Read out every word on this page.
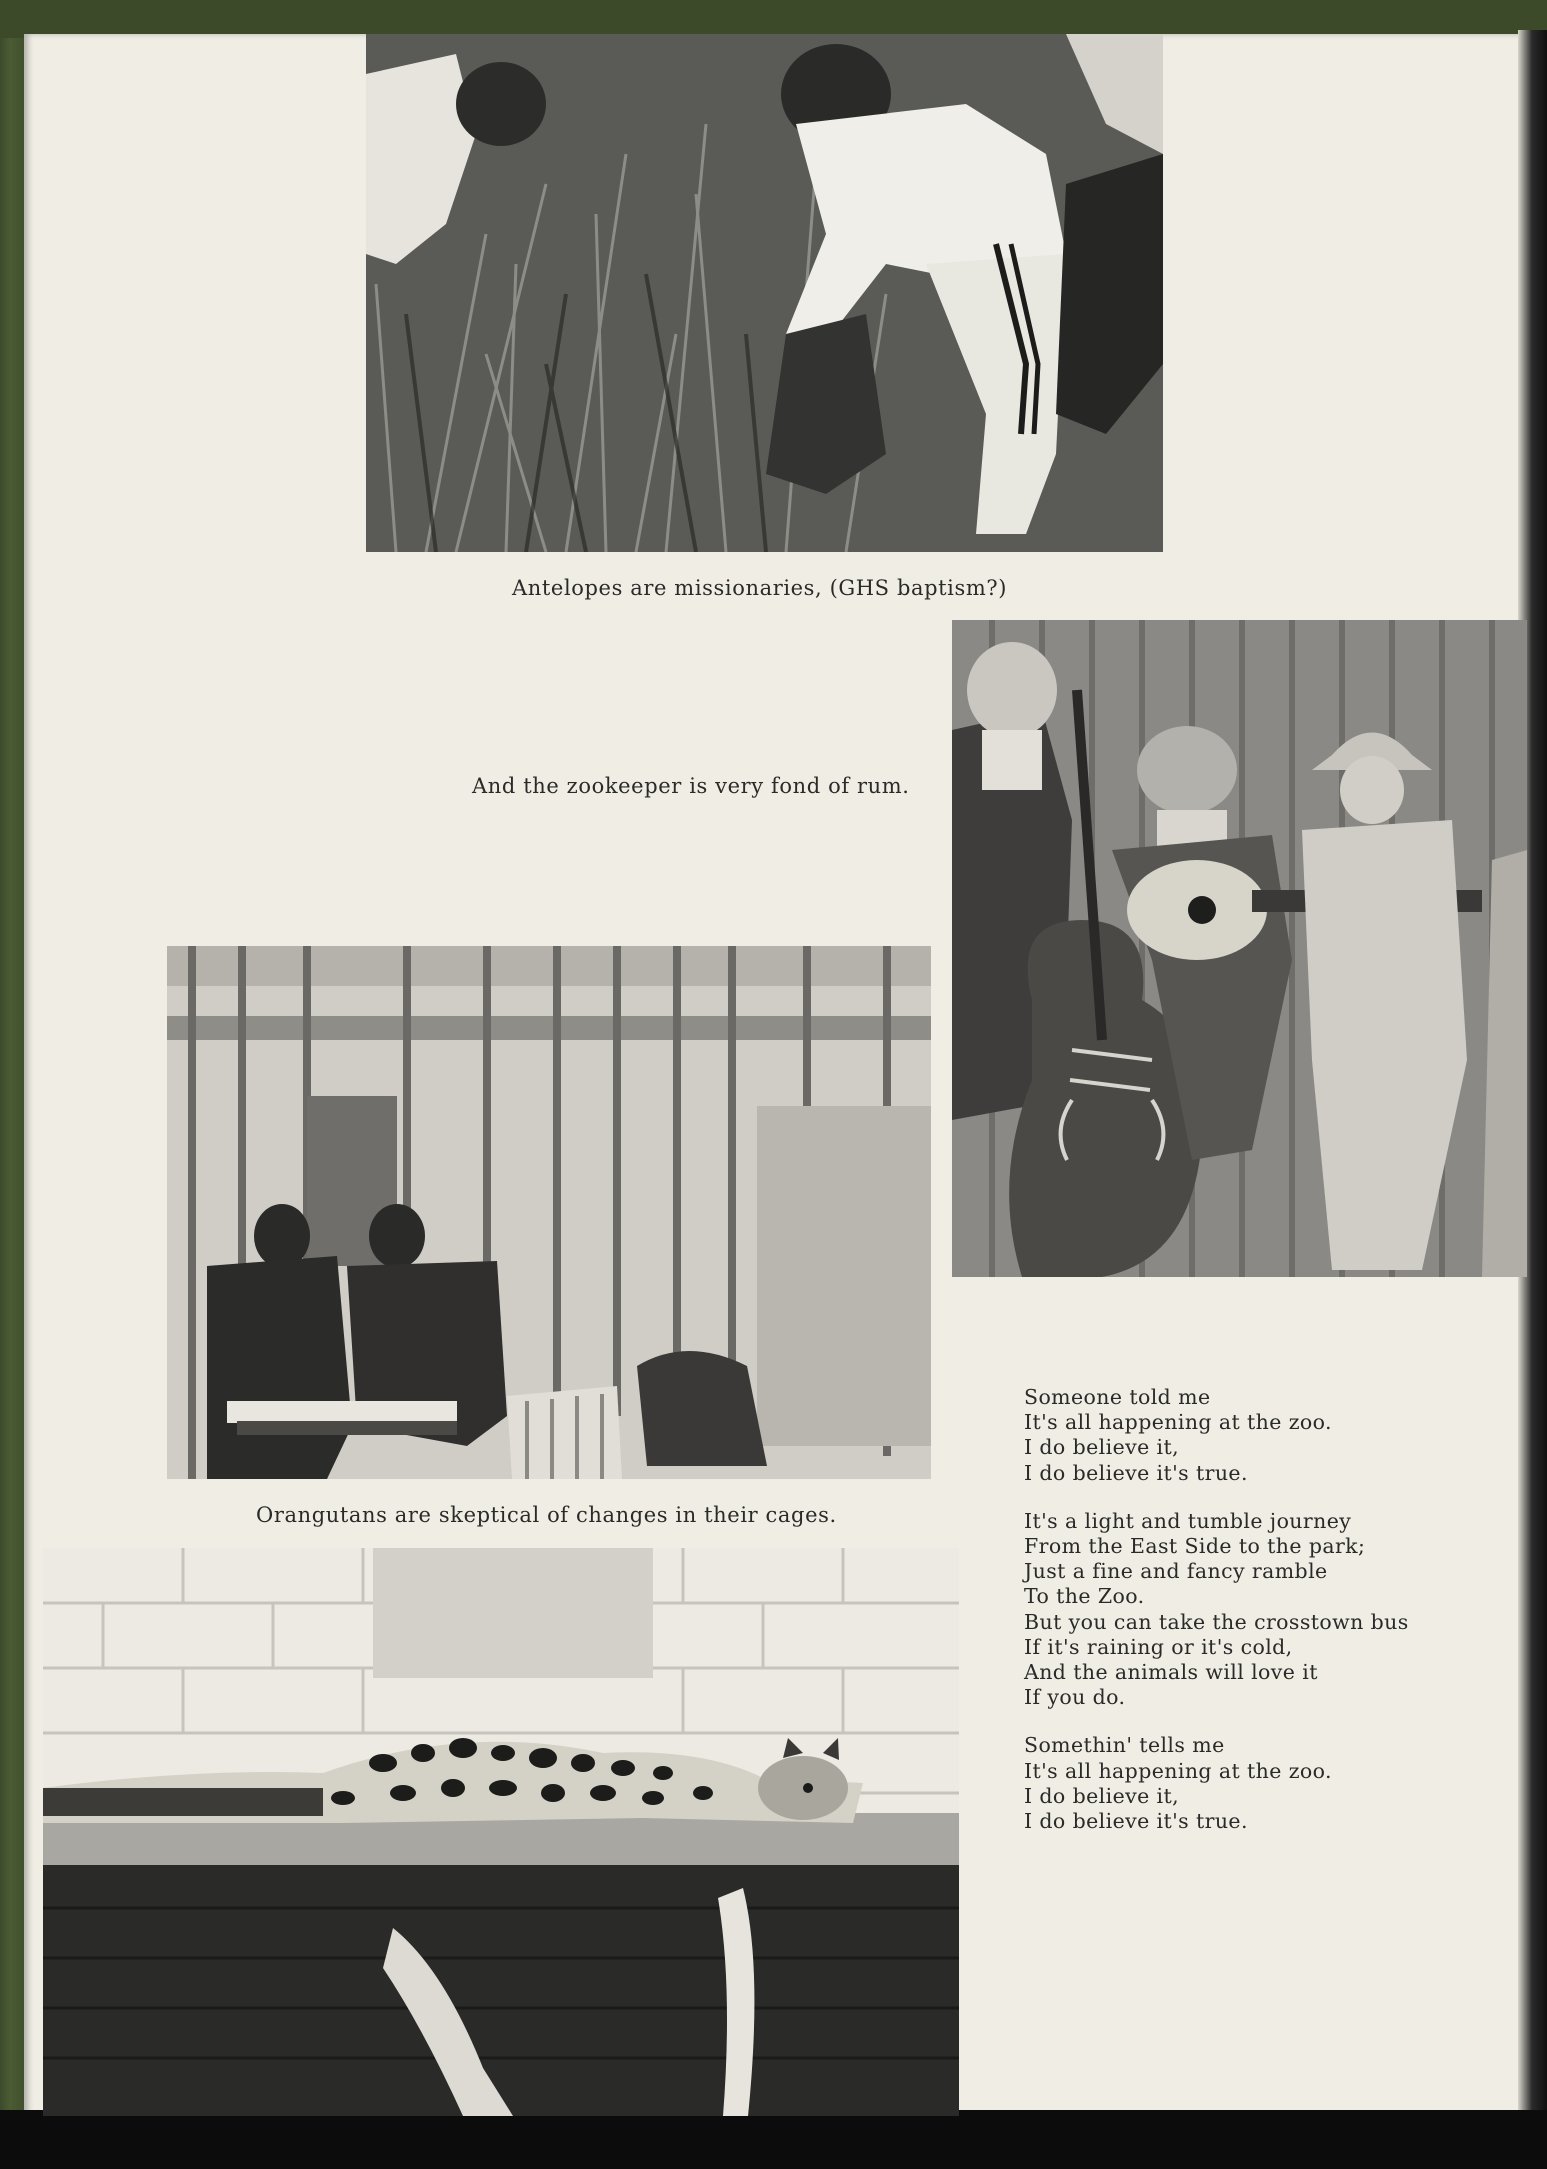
Antelopes are missionaries, (GHS baptism?)
And the zookeeper is very fond of rum.
Orangutans are skeptical of changes in their cages.
Someone told me
It's all happening at the zoo.
I do believe it,
I do believe it's true.
It's a light and tumble journey
From the East Side to the park;
Just a fine and fancy ramble
To the Zoo.
But you can take the crosstown bus
If it's raining or it's cold,
And the animals will love it
If you do.
Somethin' tells me
It's all happening at the zoo.
I do believe it,
I do believe it's true.
